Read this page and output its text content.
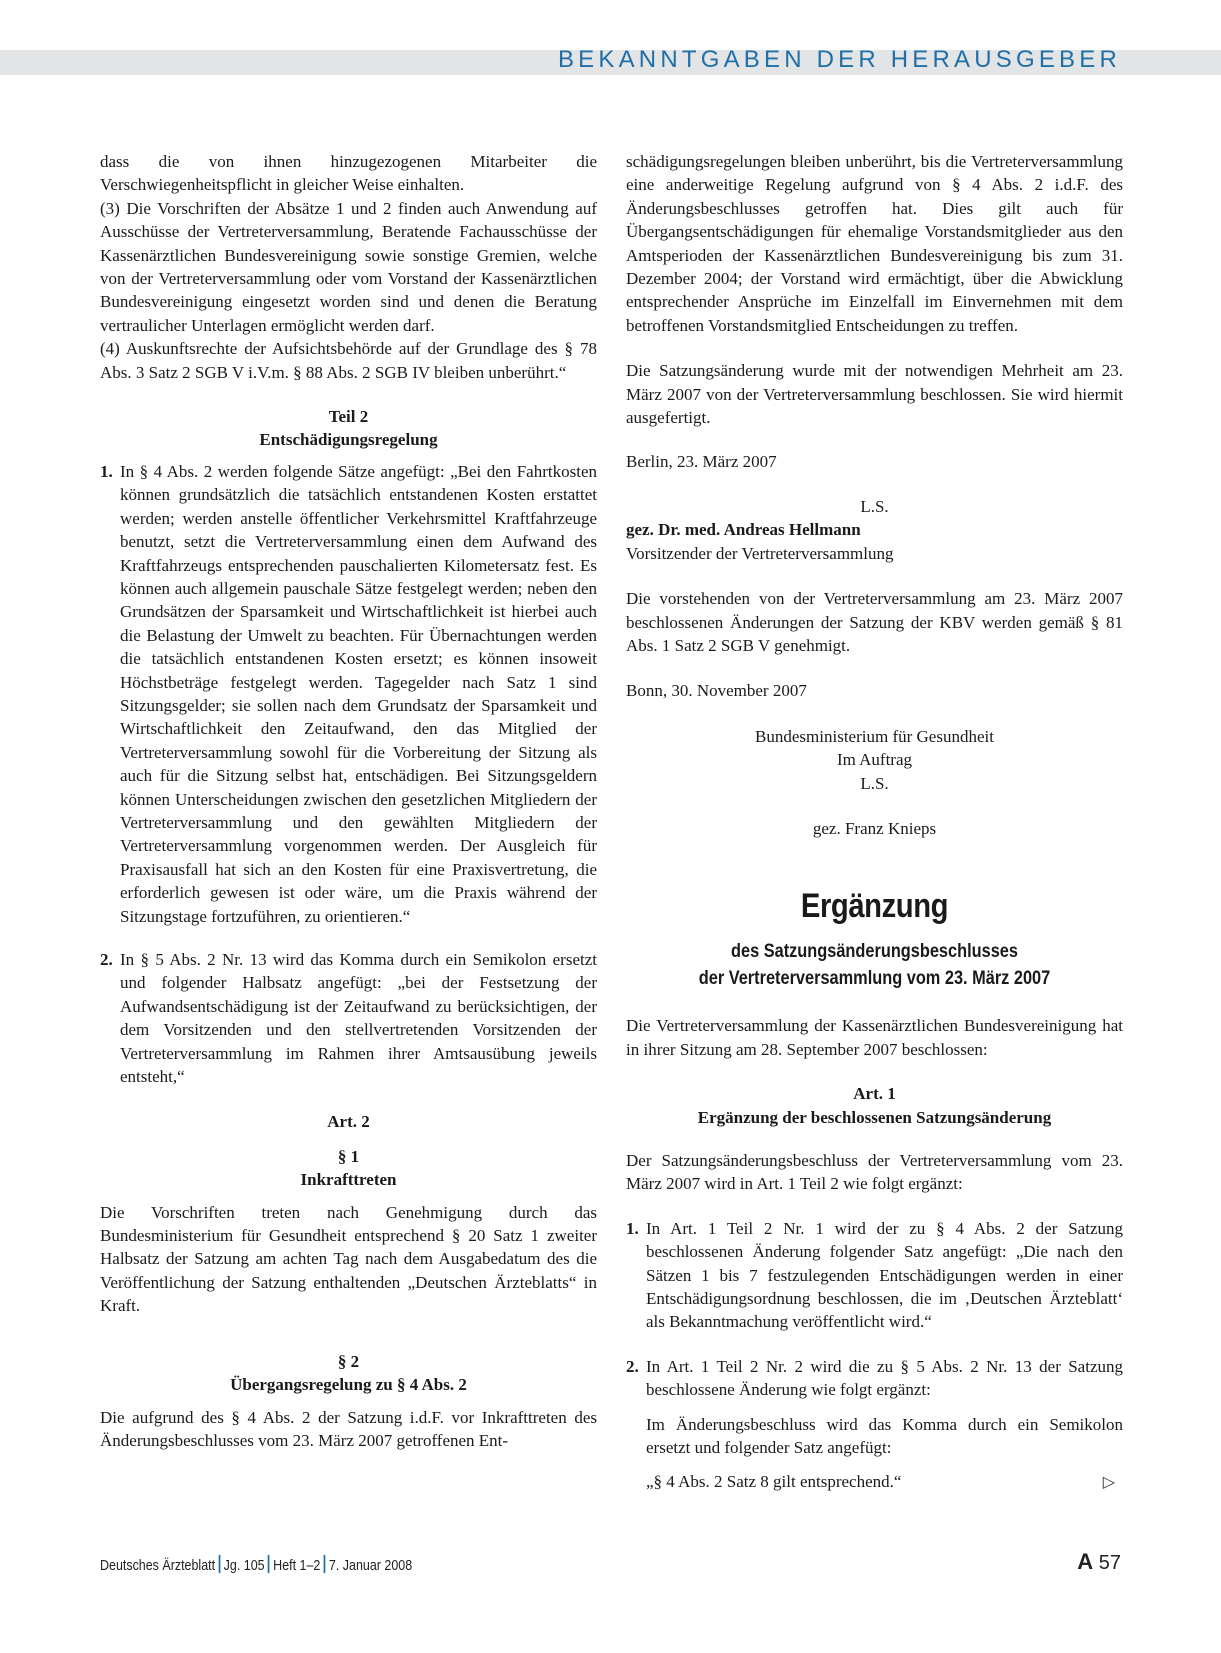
BEKANNTGABEN DER HERAUSGEBER

dass die von ihnen hinzugezogenen Mitarbeiter die Verschwiegenheitspflicht in gleicher Weise einhalten.

(3) Die Vorschriften der Absätze 1 und 2 finden auch Anwendung auf Ausschüsse der Vertreterversammlung, Beratende Fachausschüsse der Kassenärztlichen Bundesvereinigung sowie sonstige Gremien, welche von der Vertreterversammlung oder vom Vorstand der Kassenärztlichen Bundesvereinigung eingesetzt worden sind und denen die Beratung vertraulicher Unterlagen ermöglicht werden darf.

(4) Auskunftsrechte der Aufsichtsbehörde auf der Grundlage des § 78 Abs. 3 Satz 2 SGB V i.V.m. § 88 Abs. 2 SGB IV bleiben unberührt.“

Teil 2

Entschädigungsregelung

1. In § 4 Abs. 2 werden folgende Sätze angefügt: „Bei den Fahrtkosten können grundsätzlich die tatsächlich entstandenen Kosten erstattet werden; werden anstelle öffentlicher Verkehrsmittel Kraftfahrzeuge benutzt, setzt die Vertreterversammlung einen dem Aufwand des Kraftfahrzeugs entsprechenden pauschalierten Kilometersatz fest. Es können auch allgemein pauschale Sätze festgelegt werden; neben den Grundsätzen der Sparsamkeit und Wirtschaftlichkeit ist hierbei auch die Belastung der Umwelt zu beachten. Für Übernachtungen werden die tatsächlich entstandenen Kosten ersetzt; es können insoweit Höchstbeträge festgelegt werden. Tagegelder nach Satz 1 sind Sitzungsgelder; sie sollen nach dem Grundsatz der Sparsamkeit und Wirtschaftlichkeit den Zeitaufwand, den das Mitglied der Vertreterversammlung sowohl für die Vorbereitung der Sitzung als auch für die Sitzung selbst hat, entschädigen. Bei Sitzungsgeldern können Unterscheidungen zwischen den gesetzlichen Mitgliedern der Vertreterversammlung und den gewählten Mitgliedern der Vertreterversammlung vorgenommen werden. Der Ausgleich für Praxisausfall hat sich an den Kosten für eine Praxisvertretung, die erforderlich gewesen ist oder wäre, um die Praxis während der Sitzungstage fortzuführen, zu orientieren.“
2. In § 5 Abs. 2 Nr. 13 wird das Komma durch ein Semikolon ersetzt und folgender Halbsatz angefügt: „bei der Festsetzung der Aufwandsentschädigung ist der Zeitaufwand zu berücksichtigen, der dem Vorsitzenden und den stellvertretenden Vorsitzenden der Vertreterversammlung im Rahmen ihrer Amtsausübung jeweils entsteht,“

Art. 2

§ 1

Inkrafttreten

Die Vorschriften treten nach Genehmigung durch das Bundesministerium für Gesundheit entsprechend § 20 Satz 1 zweiter Halbsatz der Satzung am achten Tag nach dem Ausgabedatum des die Veröffentlichung der Satzung enthaltenden „Deutschen Ärzteblatts“ in Kraft.

§ 2

Übergangsregelung zu § 4 Abs. 2

Die aufgrund des § 4 Abs. 2 der Satzung i.d.F. vor Inkrafttreten des Änderungsbeschlusses vom 23. März 2007 getroffenen Ent-

schädigungsregelungen bleiben unberührt, bis die Vertreterversammlung eine anderweitige Regelung aufgrund von § 4 Abs. 2 i.d.F. des Änderungsbeschlusses getroffen hat. Dies gilt auch für Übergangsentschädigungen für ehemalige Vorstandsmitglieder aus den Amtsperioden der Kassenärztlichen Bundesvereinigung bis zum 31. Dezember 2004; der Vorstand wird ermächtigt, über die Abwicklung entsprechender Ansprüche im Einzelfall im Einvernehmen mit dem betroffenen Vorstandsmitglied Entscheidungen zu treffen.

Die Satzungsänderung wurde mit der notwendigen Mehrheit am 23. März 2007 von der Vertreterversammlung beschlossen. Sie wird hiermit ausgefertigt.

Berlin, 23. März 2007

L.S.

gez. Dr. med. Andreas Hellmann

Vorsitzender der Vertreterversammlung

Die vorstehenden von der Vertreterversammlung am 23. März 2007 beschlossenen Änderungen der Satzung der KBV werden gemäß § 81 Abs. 1 Satz 2 SGB V genehmigt.

Bonn, 30. November 2007

Bundesministerium für Gesundheit

Im Auftrag

L.S.

gez. Franz Knieps

Ergänzung

des Satzungsänderungsbeschlusses

der Vertreterversammlung vom 23. März 2007

Die Vertreterversammlung der Kassenärztlichen Bundesvereinigung hat in ihrer Sitzung am 28. September 2007 beschlossen:

Art. 1

Ergänzung der beschlossenen Satzungsänderung

Der Satzungsänderungsbeschluss der Vertreterversammlung vom 23. März 2007 wird in Art. 1 Teil 2 wie folgt ergänzt:

1. In Art. 1 Teil 2 Nr. 1 wird der zu § 4 Abs. 2 der Satzung beschlossenen Änderung folgender Satz angefügt: „Die nach den Sätzen 1 bis 7 festzulegenden Entschädigungen werden in einer Entschädigungsordnung beschlossen, die im ‚Deutschen Ärzteblatt‘ als Bekanntmachung veröffentlicht wird.“
2. In Art. 1 Teil 2 Nr. 2 wird die zu § 5 Abs. 2 Nr. 13 der Satzung beschlossene Änderung wie folgt ergänzt:
Im Änderungsbeschluss wird das Komma durch ein Semikolon ersetzt und folgender Satz angefügt:
„§ 4 Abs. 2 Satz 8 gilt entsprechend.“	▷
Deutsches Ärzteblatt Jg. 105 Heft 1–2 7. Januar 2008	A 57
